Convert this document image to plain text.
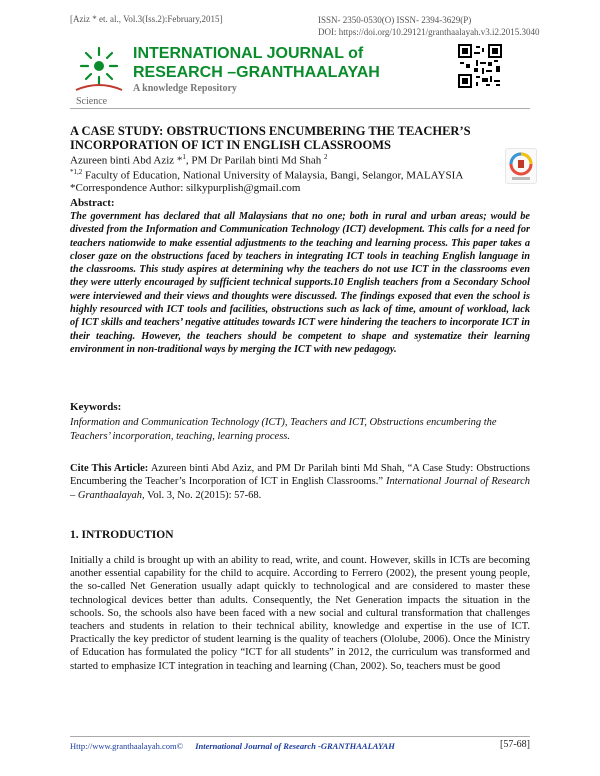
[Aziz * et. al., Vol.3(Iss.2):February,2015]	ISSN- 2350-0530(O) ISSN- 2394-3629(P)
DOI: https://doi.org/10.29121/granthaalayah.v3.i2.2015.3040
Science
INTERNATIONAL JOURNAL of
RESEARCH –GRANTHAALAYAH
A knowledge Repository
A CASE STUDY: OBSTRUCTIONS ENCUMBERING THE TEACHER’S INCORPORATION OF ICT IN ENGLISH CLASSROOMS
Azureen binti Abd Aziz *$^1$, PM Dr Parilah binti Md Shah $^2$
$^{*1,2}$ Faculty of Education, National University of Malaysia, Bangi, Selangor, MALAYSIA
*Correspondence Author: silkypurplish@gmail.com
Abstract:
The government has declared that all Malaysians that no one; both in rural and urban areas; would be divested from the Information and Communication Technology (ICT) development. This calls for a need for teachers nationwide to make essential adjustments to the teaching and learning process. This paper takes a closer gaze on the obstructions faced by teachers in integrating ICT tools in teaching English language in the classrooms. This study aspires at determining why the teachers do not use ICT in the classrooms even they were utterly encouraged by sufficient technical supports.10 English teachers from a Secondary School were interviewed and their views and thoughts were discussed. The findings exposed that even the school is highly resourced with ICT tools and facilities, obstructions such as lack of time, amount of workload, lack of ICT skills and teachers’ negative attitudes towards ICT were hindering the teachers to incorporate ICT in their teaching. However, the teachers should be competent to shape and systematize their learning environment in non-traditional ways by merging the ICT with new pedagogy.
Keywords:
Information and Communication Technology (ICT), Teachers and ICT, Obstructions encumbering the Teachers’ incorporation, teaching, learning process.
Cite This Article: Azureen binti Abd Aziz, and PM Dr Parilah binti Md Shah, “A Case Study: Obstructions Encumbering the Teacher’s Incorporation of ICT in English Classrooms.” International Journal of Research – Granthaalayah, Vol. 3, No. 2(2015): 57-68.
1. INTRODUCTION
Initially a child is brought up with an ability to read, write, and count. However, skills in ICTs are becoming another essential capability for the child to acquire. According to Ferrero (2002), the present young people, the so-called Net Generation usually adapt quickly to technological and are considered to master these technological devices better than adults. Consequently, the Net Generation impacts the situation in the schools. So, the schools also have been faced with a new social and cultural transformation that challenges teachers and students in relation to their technical ability, knowledge and expertise in the use of ICT. Practically the key predictor of student learning is the quality of teachers (Ololube, 2006). Once the Ministry of Education has formulated the policy “ICT for all students” in 2012, the curriculum was transformed and started to emphasize ICT integration in teaching and learning (Chan, 2002). So, teachers must be good
Http://www.granthaalayah.com© International Journal of Research -GRANTHAALAYAH	[57-68]
